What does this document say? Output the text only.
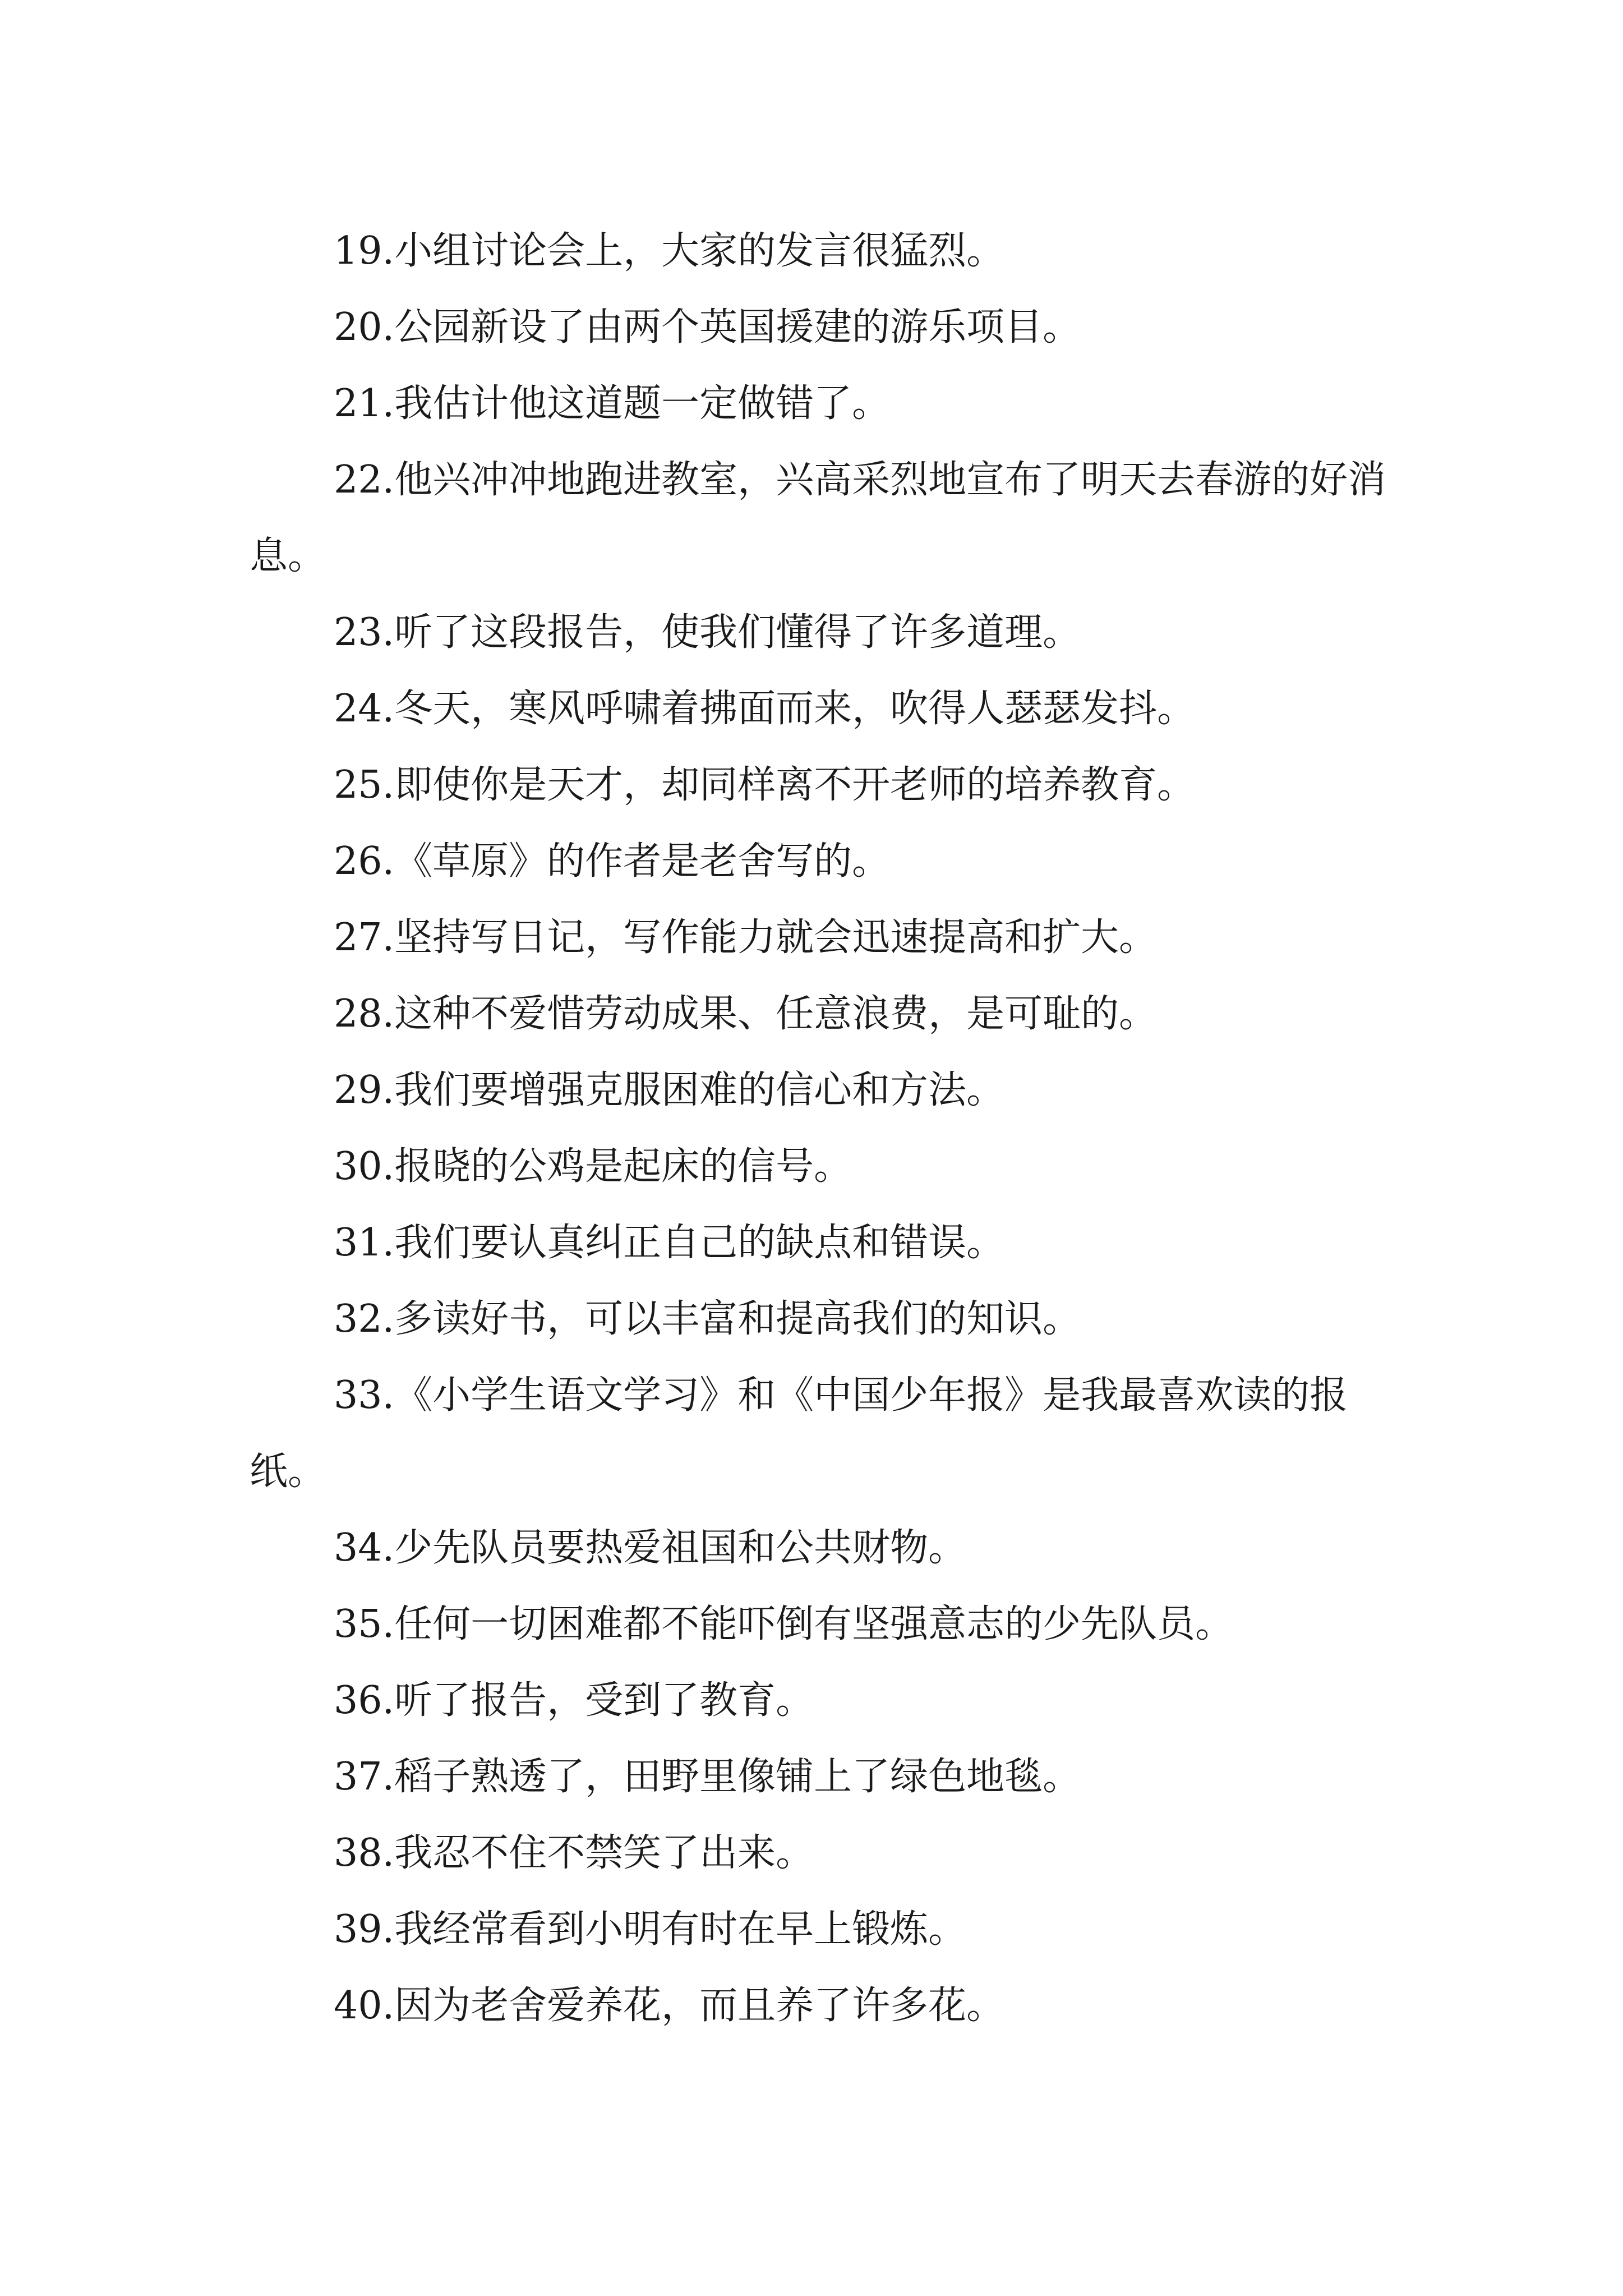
19.小组讨论会上，大家的发言很猛烈。

20.公园新设了由两个英国援建的游乐项目。

21.我估计他这道题一定做错了。

22.他兴冲冲地跑进教室，兴高采烈地宣布了明天去春游的好消息。

23.听了这段报告，使我们懂得了许多道理。

24.冬天，寒风呼啸着拂面而来，吹得人瑟瑟发抖。

25.即使你是天才，却同样离不开老师的培养教育。

26.《草原》的作者是老舍写的。

27.坚持写日记，写作能力就会迅速提高和扩大。

28.这种不爱惜劳动成果、任意浪费，是可耻的。

29.我们要增强克服困难的信心和方法。

30.报晓的公鸡是起床的信号。

31.我们要认真纠正自己的缺点和错误。

32.多读好书，可以丰富和提高我们的知识。

33.《小学生语文学习》和《中国少年报》是我最喜欢读的报纸。

34.少先队员要热爱祖国和公共财物。

35.任何一切困难都不能吓倒有坚强意志的少先队员。

36.听了报告，受到了教育。

37.稻子熟透了，田野里像铺上了绿色地毯。

38.我忍不住不禁笑了出来。

39.我经常看到小明有时在早上锻炼。

40.因为老舍爱养花，而且养了许多花。
